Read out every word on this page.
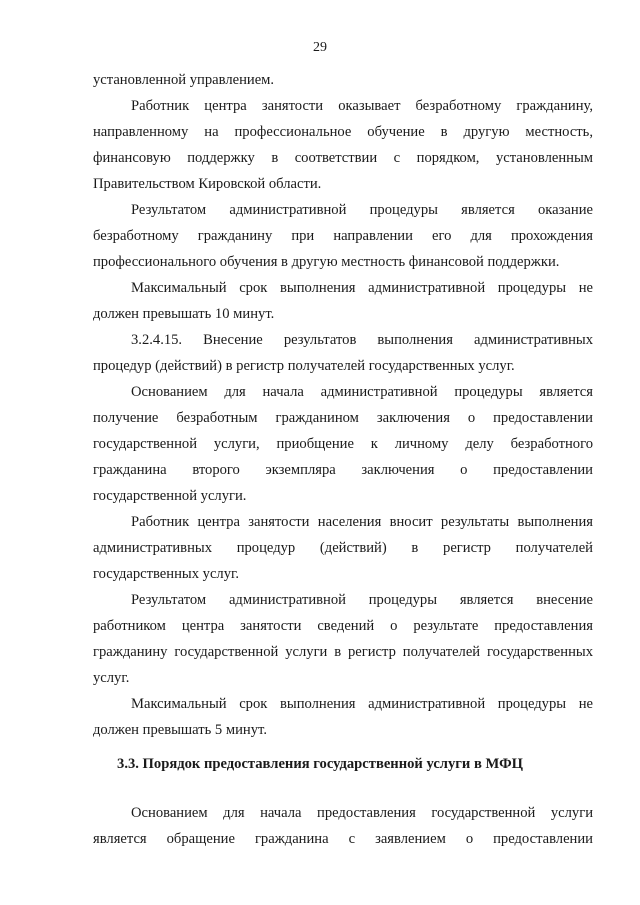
29
установленной управлением.
Работник центра занятости оказывает безработному гражданину,
направленному на профессиональное обучение в другую местность,
финансовую поддержку в соответствии с порядком, установленным
Правительством Кировской области.
Результатом административной процедуры является оказание
безработному гражданину при направлении его для прохождения
профессионального обучения в другую местность финансовой поддержки.
Максимальный срок выполнения административной процедуры не
должен превышать 10 минут.
3.2.4.15. Внесение результатов выполнения административных
процедур (действий) в регистр получателей государственных услуг.
Основанием для начала административной процедуры является
получение безработным гражданином заключения о предоставлении
государственной услуги, приобщение к личному делу безработного
гражданина второго экземпляра заключения о предоставлении
государственной услуги.
Работник центра занятости населения вносит результаты выполнения
административных процедур (действий) в регистр получателей
государственных услуг.
Результатом административной процедуры является внесение
работником центра занятости сведений о результате предоставления
гражданину государственной услуги в регистр получателей государственных
услуг.
Максимальный срок выполнения административной процедуры не
должен превышать 5 минут.
3.3. Порядок предоставления государственной услуги в МФЦ
Основанием для начала предоставления государственной услуги
является обращение гражданина с заявлением о предоставлении
